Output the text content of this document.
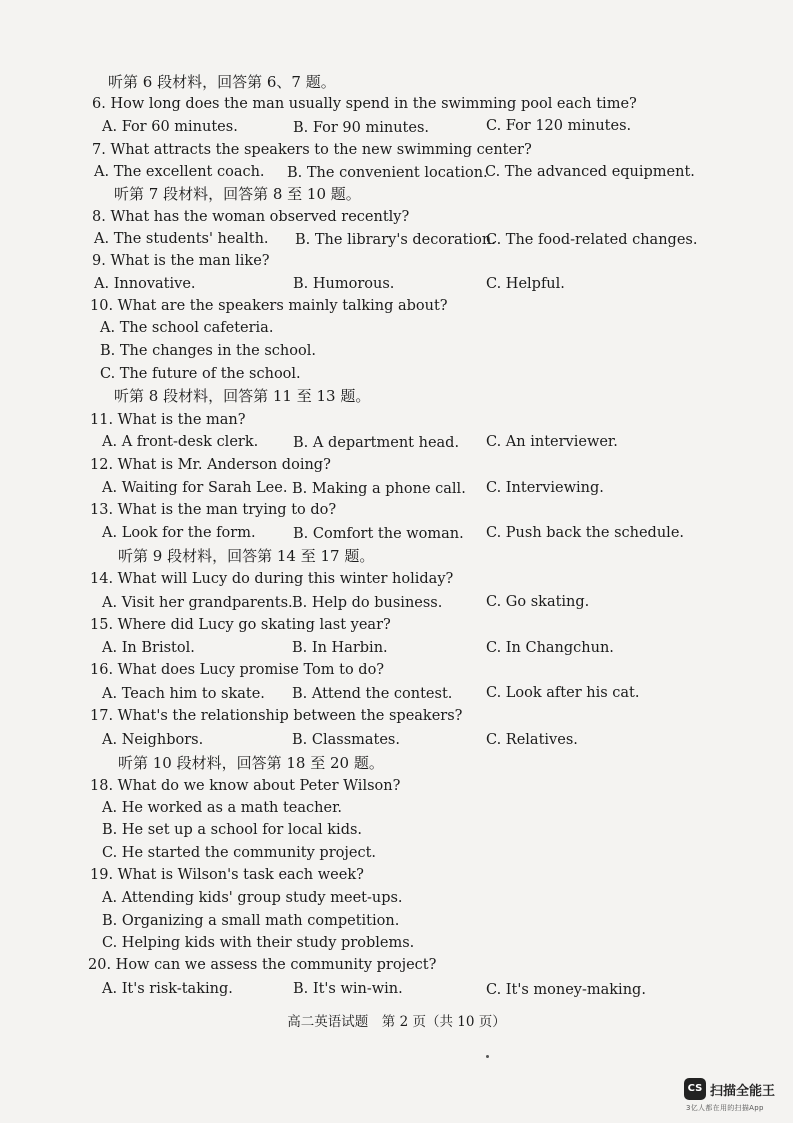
听第 6 段材料，回答第 6、7 题。
6. How long does the man usually spend in the swimming pool each time?
A. For 60 minutes.	B. For 90 minutes.	C. For 120 minutes.
7. What attracts the speakers to the new swimming center?
A. The excellent coach. B. The convenient location.
C. The advanced equipment.
听第 7 段材料，回答第 8 至 10 题。
8. What has the woman observed recently?
A. The students' health. B. The library's decoration.
C. The food-related changes.
9. What is the man like?
A. Innovative.	B. Humorous.	C. Helpful.
10. What are the speakers mainly talking about?
A. The school cafeteria.
B. The changes in the school.
C. The future of the school.
听第 8 段材料，回答第 11 至 13 题。
11. What is the man?
A. A front-desk clerk. B. A department head. C. An interviewer.
12. What is Mr. Anderson doing?
A. Waiting for Sarah Lee. B. Making a phone call. C. Interviewing.
13. What is the man trying to do?
A. Look for the form.	B. Comfort the woman. C. Push back the schedule.
听第 9 段材料，回答第 14 至 17 题。
14. What will Lucy do during this winter holiday?
A. Visit her grandparents. B. Help do business.	C. Go skating.
15. Where did Lucy go skating last year?
A. In Bristol.	B. In Harbin.	C. In Changchun.
16. What does Lucy promise Tom to do?
A. Teach him to skate. B. Attend the contest. C. Look after his cat.
17. What's the relationship between the speakers?
A. Neighbors.	B. Classmates.	C. Relatives.
听第 10 段材料，回答第 18 至 20 题。
18. What do we know about Peter Wilson?
A. He worked as a math teacher.
B. He set up a school for local kids.
C. He started the community project.
19. What is Wilson's task each week?
A. Attending kids' group study meet-ups.
B. Organizing a small math competition.
C. Helping kids with their study problems.
20. How can we assess the community project?
A. It's risk-taking.	B. It's win-win.	C. It's money-making.
高二英语试题　第 2 页（共 10 页）
CS 扫描全能王
3亿人都在用的扫描App
